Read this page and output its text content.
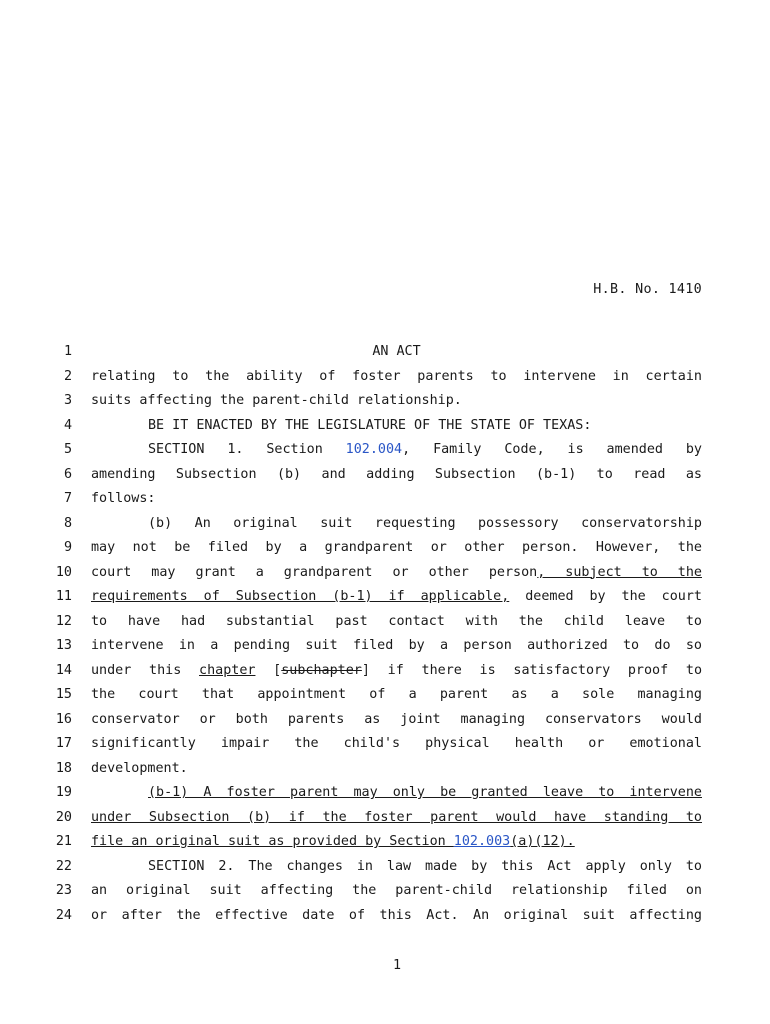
H.B. No. 1410
1	AN ACT
2 relating to the ability of foster parents to intervene in certain
3 suits affecting the parent-child relationship.
4	BE IT ENACTED BY THE LEGISLATURE OF THE STATE OF TEXAS:
5	SECTION 1. Section 102.004, Family Code, is amended by
6 amending Subsection (b) and adding Subsection (b-1) to read as
7 follows:
8	(b) An original suit requesting possessory conservatorship
9 may not be filed by a grandparent or other person. However, the
10 court may grant a grandparent or other person, subject to the
11 requirements of Subsection (b-1) if applicable, deemed by the court
12 to have had substantial past contact with the child leave to
13 intervene in a pending suit filed by a person authorized to do so
14 under this chapter [subchapter] if there is satisfactory proof to
15 the court that appointment of a parent as a sole managing
16 conservator or both parents as joint managing conservators would
17 significantly impair the child's physical health or emotional
18 development.
19	(b-1) A foster parent may only be granted leave to intervene
20 under Subsection (b) if the foster parent would have standing to
21 file an original suit as provided by Section 102.003(a)(12).
22	SECTION 2. The changes in law made by this Act apply only to
23 an original suit affecting the parent-child relationship filed on
24 or after the effective date of this Act. An original suit affecting
1
